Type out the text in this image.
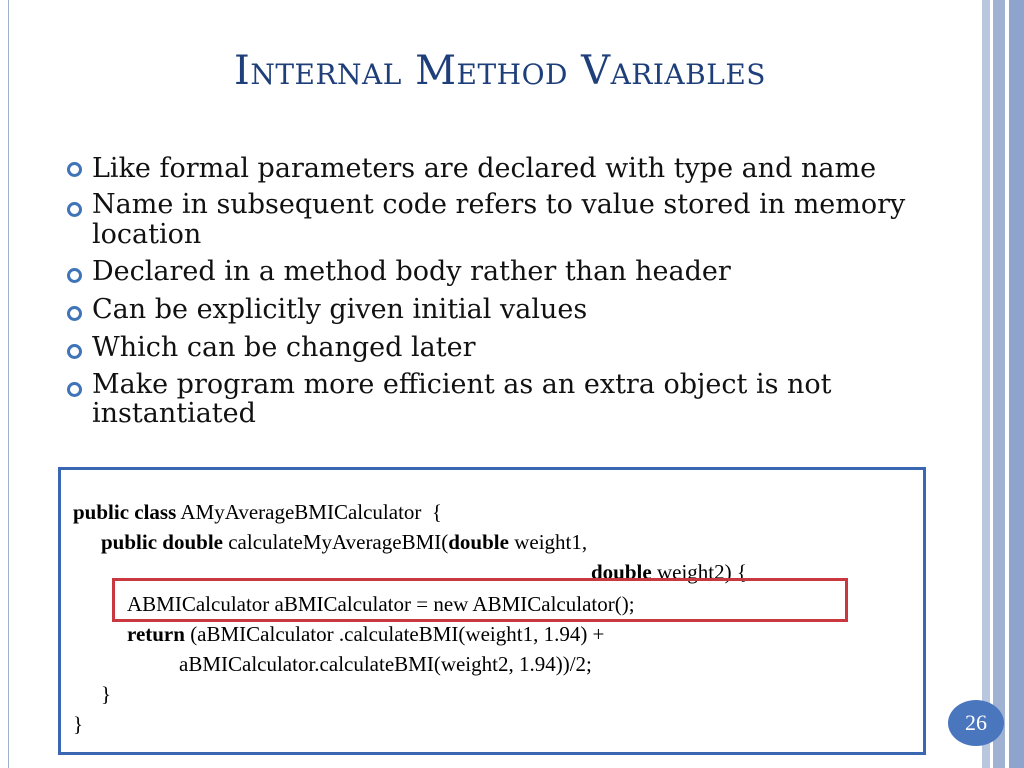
Internal Method Variables
Like formal parameters are declared with type and name
Name in subsequent code refers to value stored in memory location
Declared in a method body rather than header
Can be explicitly given initial values
Which can be changed later
Make program more efficient as an extra object is not instantiated
public class AMyAverageBMICalculator  {
public double calculateMyAverageBMI(double weight1,
double weight2) {
ABMICalculator aBMICalculator = new ABMICalculator();
return (aBMICalculator .calculateBMI(weight1, 1.94) +
aBMICalculator.calculateBMI(weight2, 1.94))/2;
}
}	26
